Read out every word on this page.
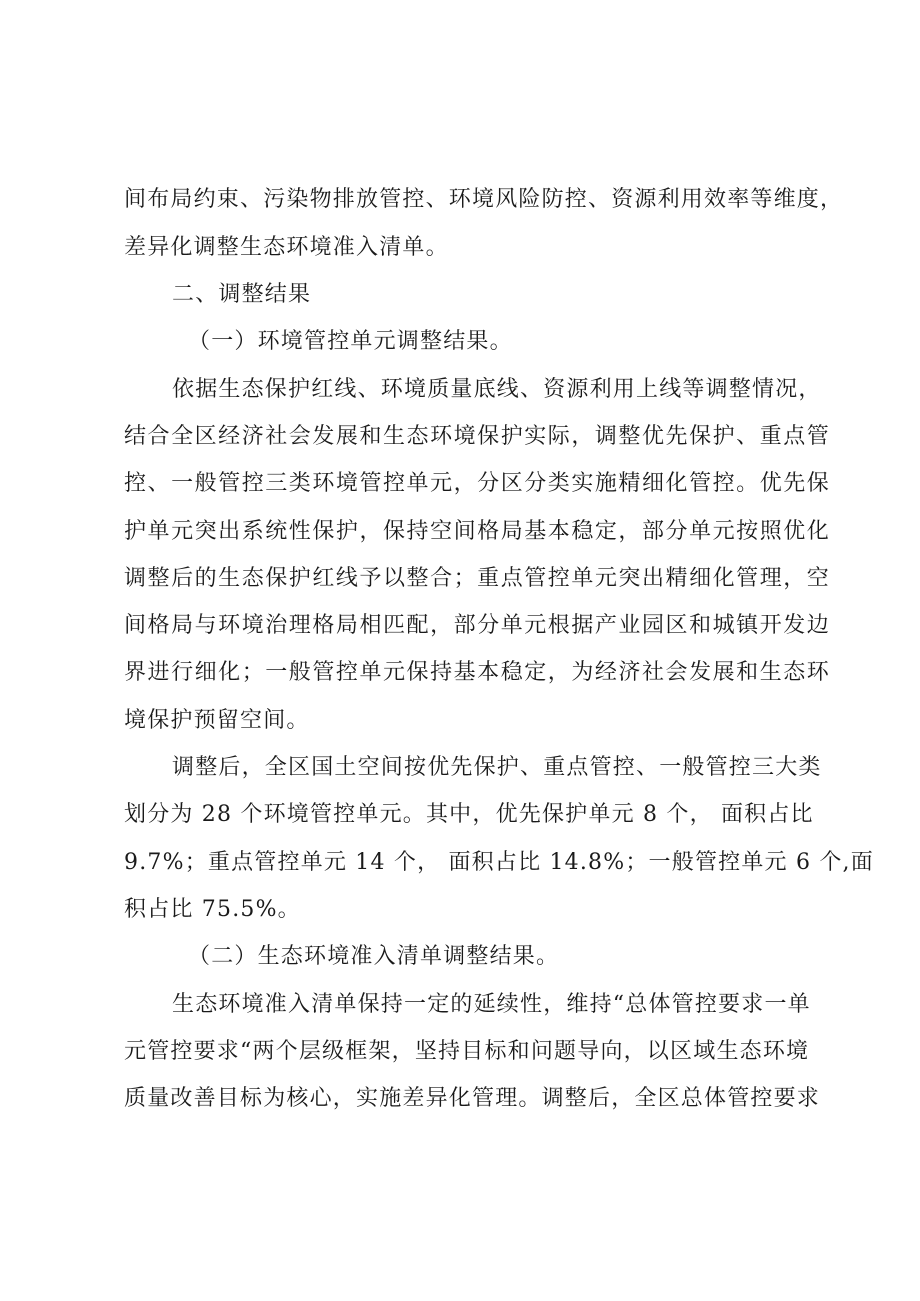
间布局约束、污染物排放管控、环境风险防控、资源利用效率等维度，

差异化调整生态环境准入清单。

二、调整结果

（一）环境管控单元调整结果。

依据生态保护红线、环境质量底线、资源利用上线等调整情况，

结合全区经济社会发展和生态环境保护实际，调整优先保护、重点管

控、一般管控三类环境管控单元，分区分类实施精细化管控。优先保

护单元突出系统性保护，保持空间格局基本稳定，部分单元按照优化

调整后的生态保护红线予以整合；重点管控单元突出精细化管理，空

间格局与环境治理格局相匹配，部分单元根据产业园区和城镇开发边

界进行细化；一般管控单元保持基本稳定，为经济社会发展和生态环

境保护预留空间。

调整后，全区国土空间按优先保护、重点管控、一般管控三大类

划分为 28 个环境管控单元。其中，优先保护单元 8 个， 面积占比

9.7%；重点管控单元 14 个， 面积占比 14.8%；一般管控单元 6 个,面

积占比 75.5%。

（二）生态环境准入清单调整结果。

生态环境准入清单保持一定的延续性，维持“总体管控要求一单

元管控要求“两个层级框架，坚持目标和问题导向，以区域生态环境

质量改善目标为核心，实施差异化管理。调整后，全区总体管控要求
